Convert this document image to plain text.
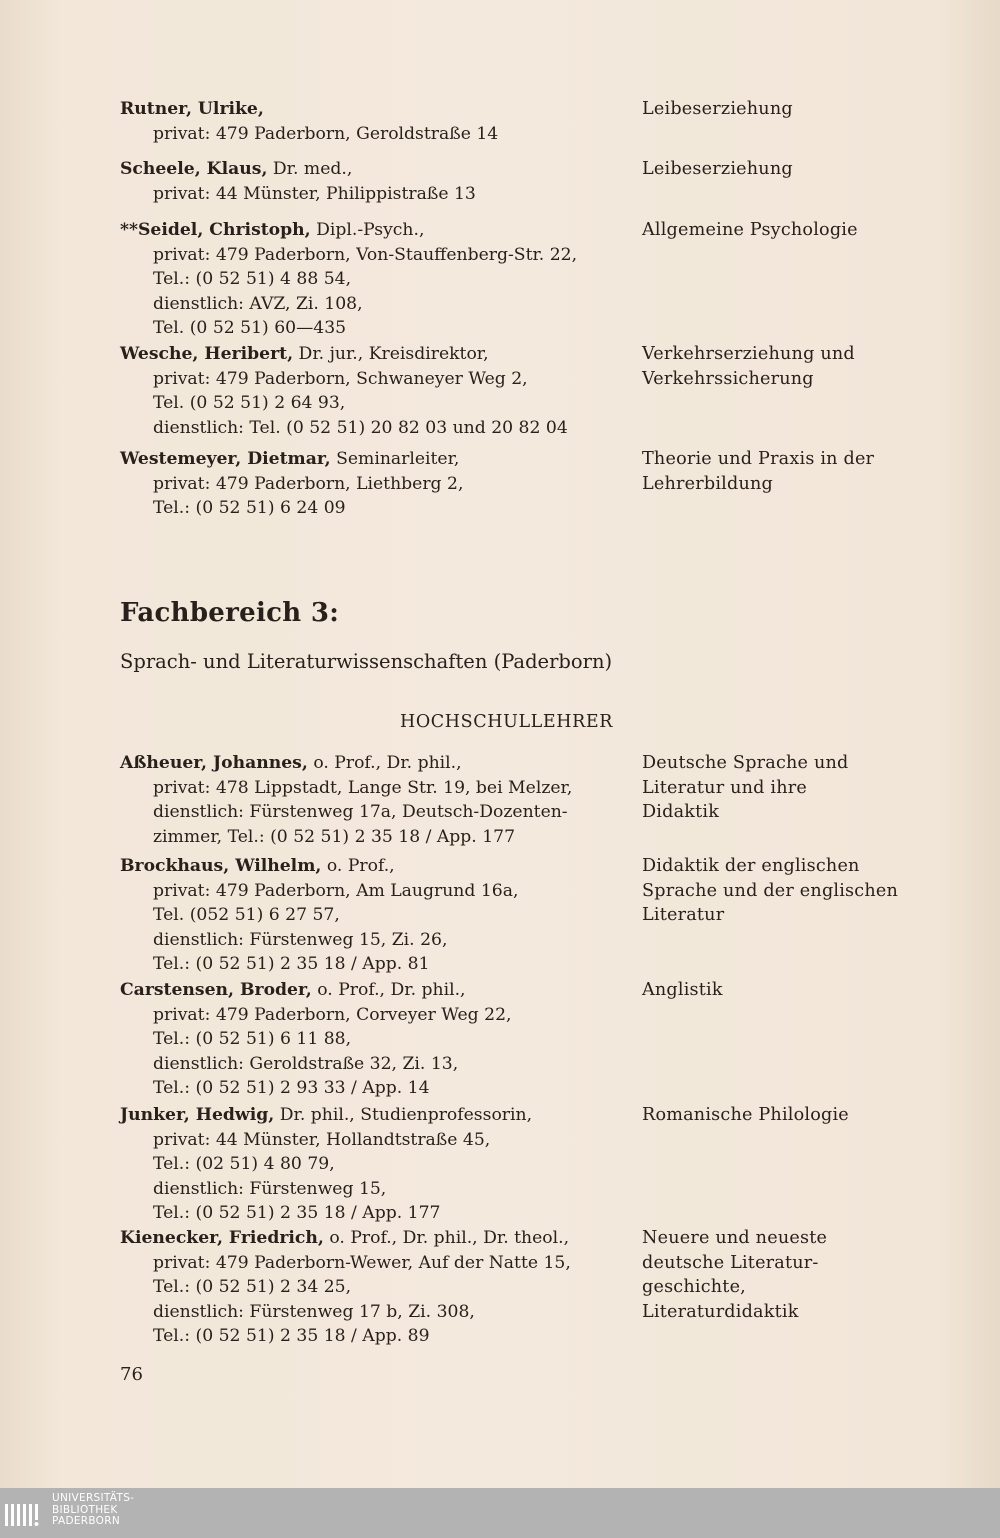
Rutner, Ulrike,
privat: 479 Paderborn, Geroldstraße 14
Leibeserziehung
Scheele, Klaus, Dr. med.,
privat: 44 Münster, Philippistraße 13
Leibeserziehung
**Seidel, Christoph, Dipl.-Psych.,
privat: 479 Paderborn, Von-Stauffenberg-Str. 22,
Tel.: (0 52 51) 4 88 54,
dienstlich: AVZ, Zi. 108,
Tel. (0 52 51) 60—435
Allgemeine Psychologie
Wesche, Heribert, Dr. jur., Kreisdirektor,
privat: 479 Paderborn, Schwaneyer Weg 2,
Tel. (0 52 51) 2 64 93,
dienstlich: Tel. (0 52 51) 20 82 03 und 20 82 04
Verkehrserziehung und
Verkehrssicherung
Westemeyer, Dietmar, Seminarleiter,
privat: 479 Paderborn, Liethberg 2,
Tel.: (0 52 51) 6 24 09
Theorie und Praxis in der
Lehrerbildung
Fachbereich 3:
Sprach- und Literaturwissenschaften (Paderborn)
HOCHSCHULLEHRER
Aßheuer, Johannes, o. Prof., Dr. phil.,
privat: 478 Lippstadt, Lange Str. 19, bei Melzer,
dienstlich: Fürstenweg 17a, Deutsch-Dozenten-
zimmer, Tel.: (0 52 51) 2 35 18 / App. 177
Deutsche Sprache und
Literatur und ihre
Didaktik
Brockhaus, Wilhelm, o. Prof.,
privat: 479 Paderborn, Am Laugrund 16a,
Tel. (052 51) 6 27 57,
dienstlich: Fürstenweg 15, Zi. 26,
Tel.: (0 52 51) 2 35 18 / App. 81
Didaktik der englischen
Sprache und der englischen
Literatur
Carstensen, Broder, o. Prof., Dr. phil.,
privat: 479 Paderborn, Corveyer Weg 22,
Tel.: (0 52 51) 6 11 88,
dienstlich: Geroldstraße 32, Zi. 13,
Tel.: (0 52 51) 2 93 33 / App. 14
Anglistik
Junker, Hedwig, Dr. phil., Studienprofessorin,
privat: 44 Münster, Hollandtstraße 45,
Tel.: (02 51) 4 80 79,
dienstlich: Fürstenweg 15,
Tel.: (0 52 51) 2 35 18 / App. 177
Romanische Philologie
Kienecker, Friedrich, o. Prof., Dr. phil., Dr. theol.,
privat: 479 Paderborn-Wewer, Auf der Natte 15,
Tel.: (0 52 51) 2 34 25,
dienstlich: Fürstenweg 17 b, Zi. 308,
Tel.: (0 52 51) 2 35 18 / App. 89
Neuere und neueste
deutsche Literatur-
geschichte,
Literaturdidaktik
76
UNIVERSITÄTS-
BIBLIOTHEK
PADERBORN
